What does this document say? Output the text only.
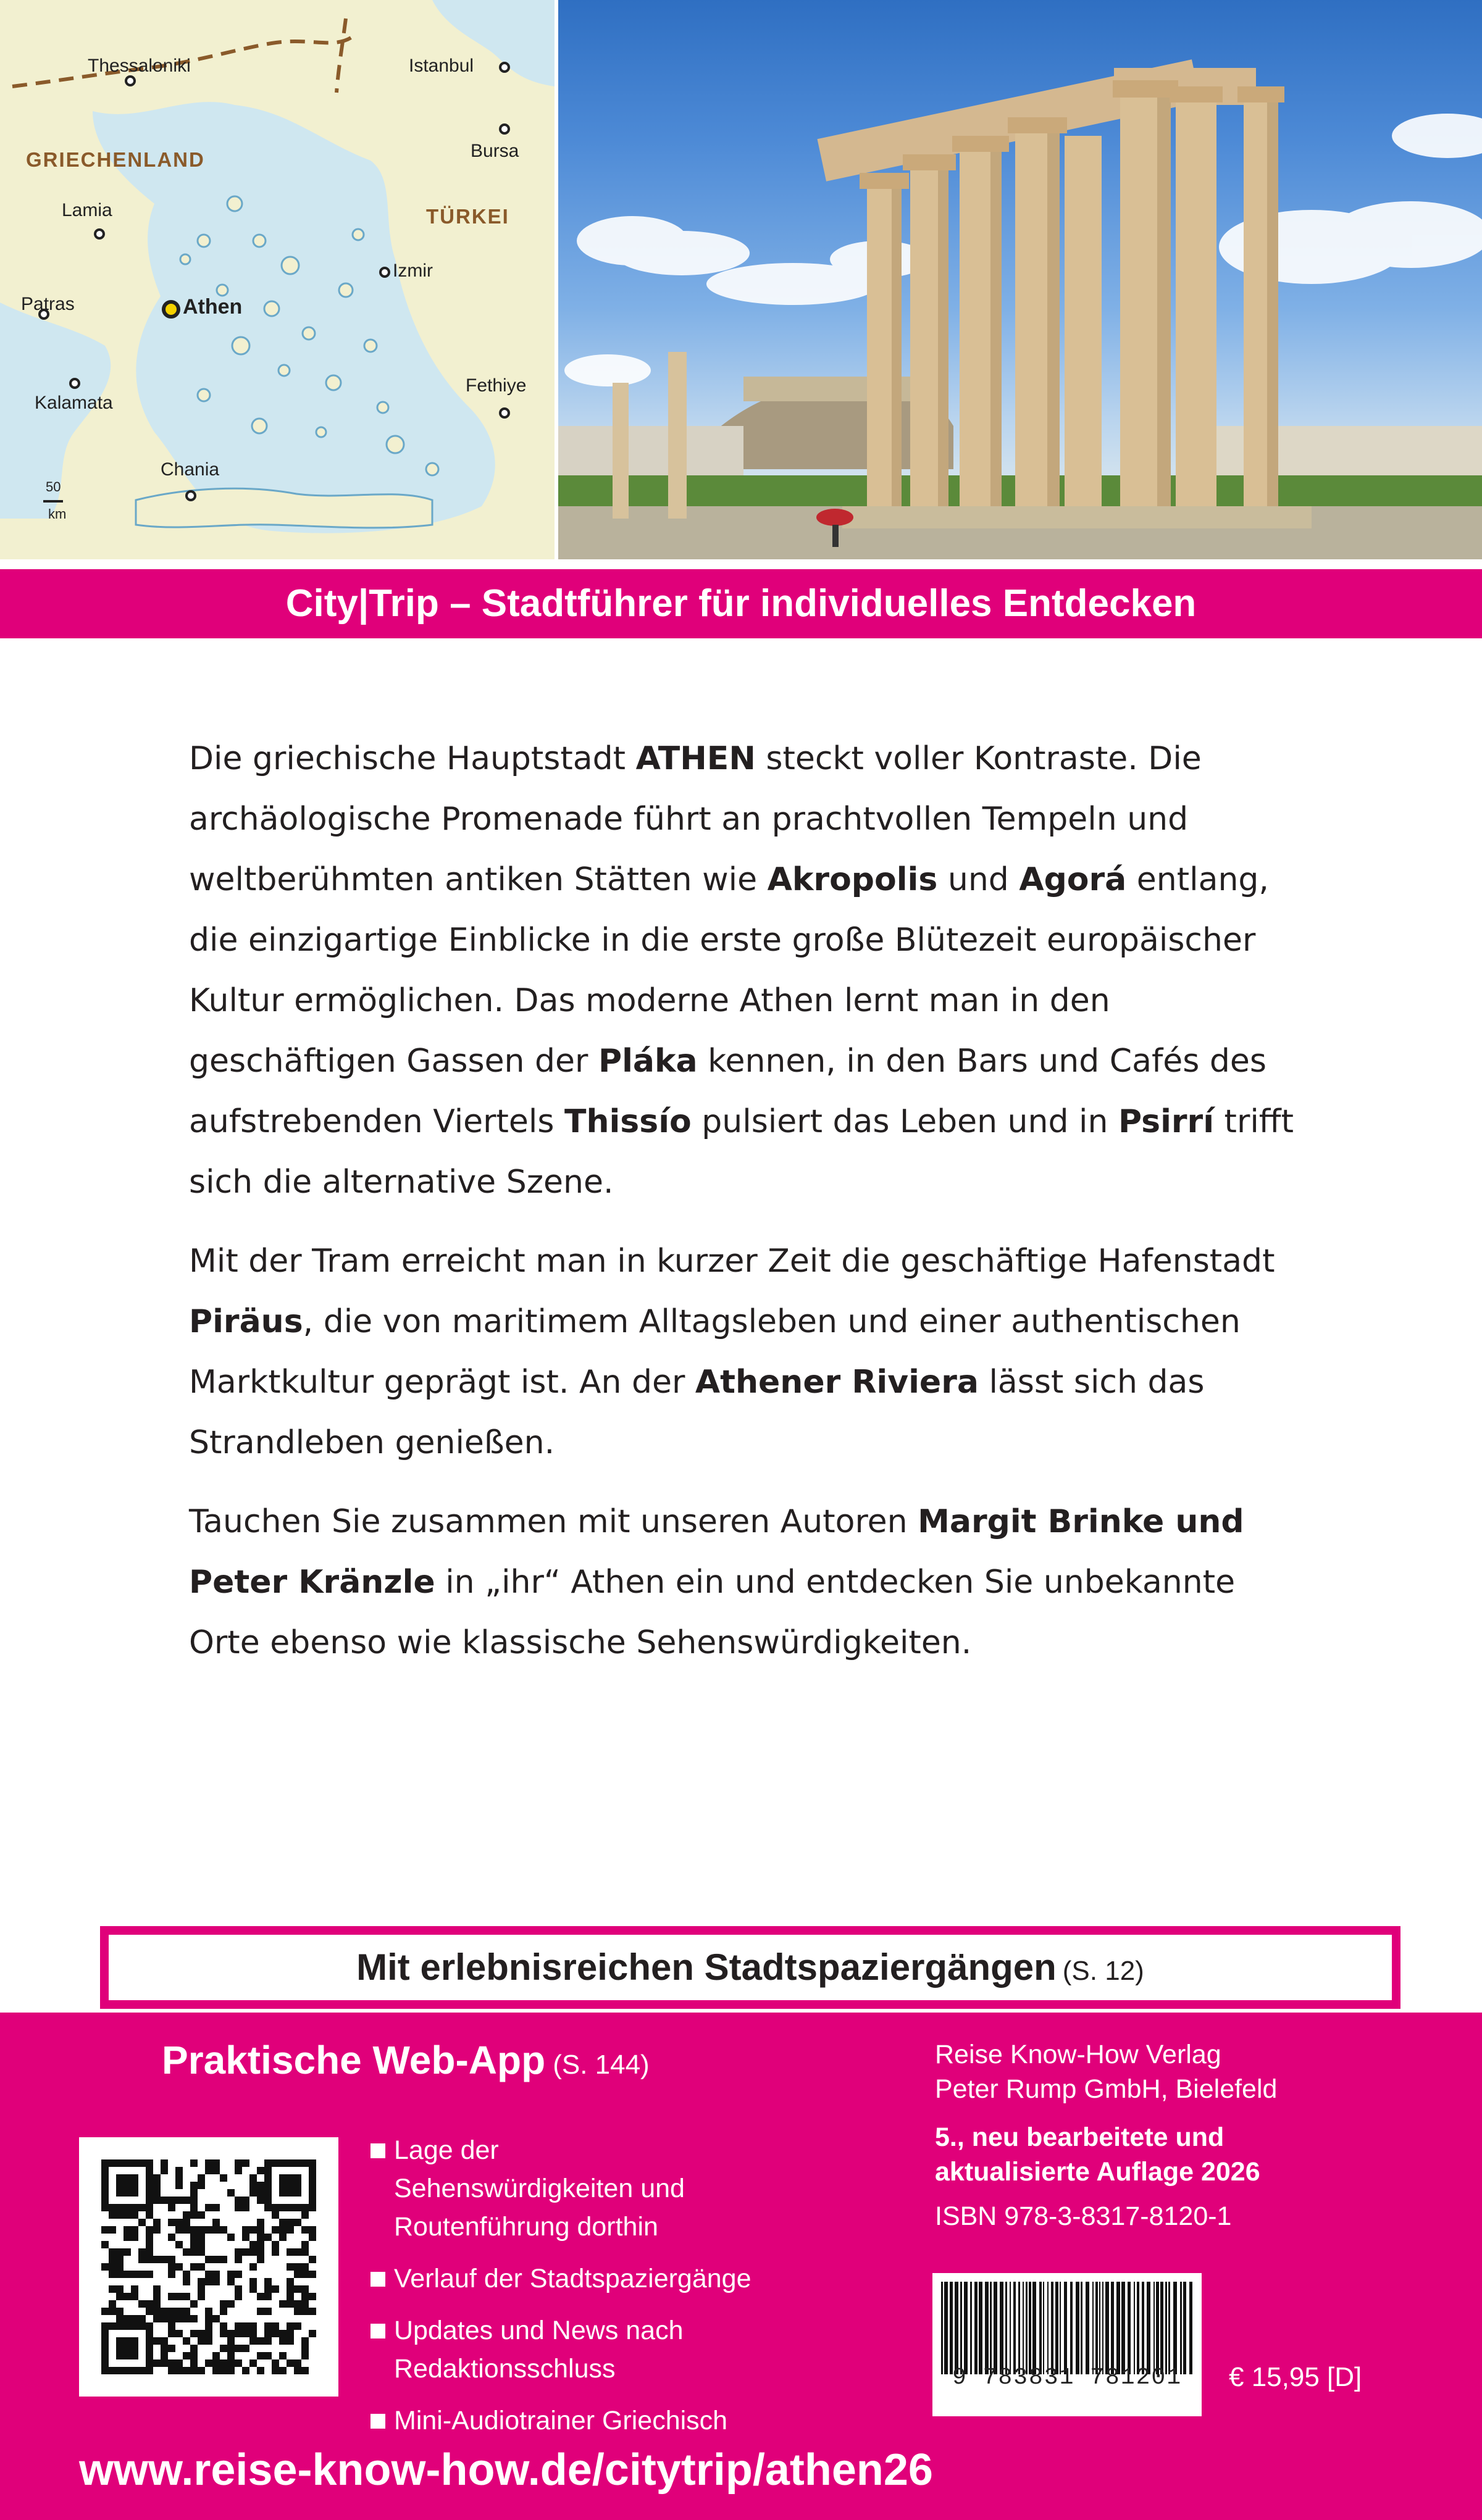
GRIECHENLAND
TÜRKEI
Thessaloniki	Istanbul
Bursa
Lamia
Izmir
Patras	Athen
Kalamata
Fethiye
Chania
50
km
City|Trip – Stadtführer für individuelles Entdecken

Die griechische Hauptstadt ATHEN steckt voller Kontraste. Die archäologische Promenade führt an prachtvollen Tempeln und weltberühmten antiken Stätten wie Akropolis und Agorá entlang, die einzigartige Einblicke in die erste große Blütezeit europäischer Kultur ermöglichen. Das moderne Athen lernt man in den geschäftigen Gassen der Pláka kennen, in den Bars und Cafés des aufstrebenden Viertels Thissío pulsiert das Leben und in Psirrí trifft sich die alternative Szene.

Mit der Tram erreicht man in kurzer Zeit die geschäftige Hafenstadt Piräus, die von maritimem Alltagsleben und einer authentischen Marktkultur geprägt ist. An der Athener Riviera lässt sich das Strandleben genießen.

Tauchen Sie zusammen mit unseren Autoren Margit Brinke und Peter Kränzle in „ihr“ Athen ein und entdecken Sie unbekannte Orte ebenso wie klassische Sehenswürdigkeiten.

Mit erlebnisreichen Stadtspaziergängen (S. 12)
Praktische Web-App (S. 144)
Lage der Sehenswürdigkeiten und Routenführung dorthin
Verlauf der Stadtspaziergänge
Updates und News nach Redaktionsschluss
Mini-Audiotrainer Griechisch
Reise Know-How Verlag
Peter Rump GmbH, Bielefeld
5., neu bearbeitete und
aktualisierte Auflage 2026
ISBN 978-3-8317-8120-1
9 783831 781201	€ 15,95 [D]
www.reise-know-how.de/citytrip/athen26
